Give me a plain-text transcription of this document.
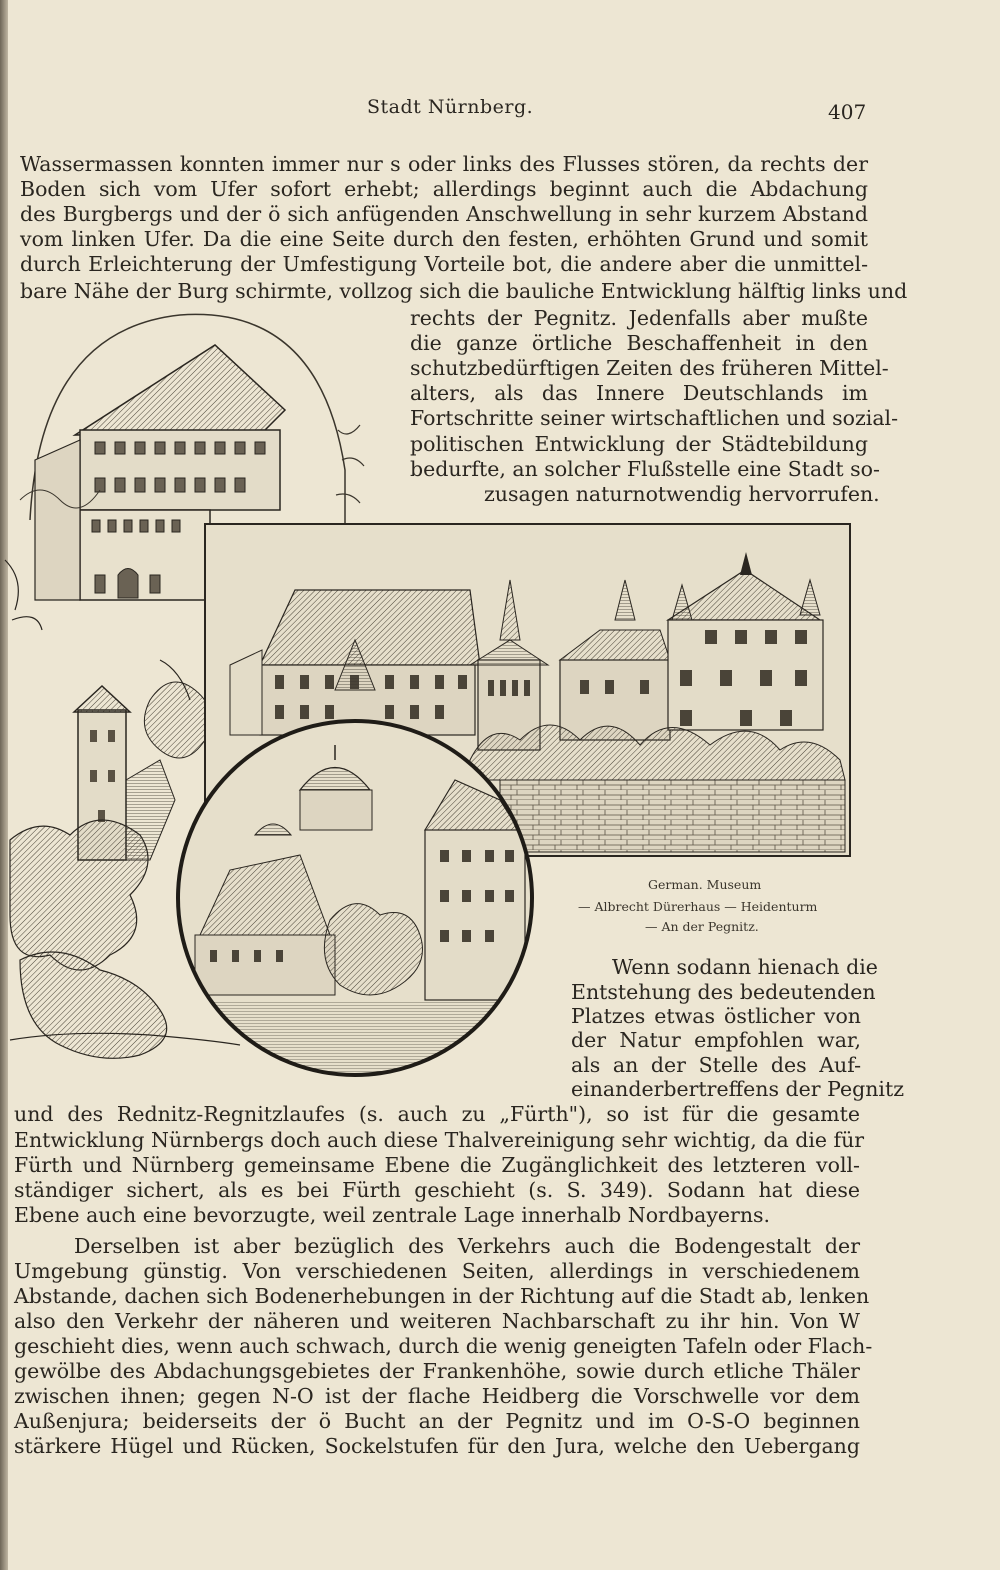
Stadt Nürnberg.	407
Wassermassen konnten immer nur s oder links des Flusses stören, da rechts der
Boden sich vom Ufer sofort erhebt; allerdings beginnt auch die Abdachung
des Burgbergs und der ö sich anfügenden Anschwellung in sehr kurzem Abstand
vom linken Ufer. Da die eine Seite durch den festen, erhöhten Grund und somit
durch Erleichterung der Umfestigung Vorteile bot, die andere aber die unmittel-
bare Nähe der Burg schirmte, vollzog sich die bauliche Entwicklung hälftig links und
rechts der Pegnitz. Jedenfalls aber mußte
die ganze örtliche Beschaffenheit in den
schutzbedürftigen Zeiten des früheren Mittel-
alters, als das Innere Deutschlands im
Fortschritte seiner wirtschaftlichen und sozial-
politischen Entwicklung der Städtebildung
bedurfte, an solcher Flußstelle eine Stadt so-
zusagen naturnotwendig hervorrufen.
German. Museum
— Albrecht Dürerhaus — Heidenturm
— An der Pegnitz.
Wenn sodann hienach die
Entstehung des bedeutenden
Platzes etwas östlicher von
der Natur empfohlen war,
als an der Stelle des Auf-
einanderbertreffens der Pegnitz
und des Rednitz-Regnitzlaufes (s. auch zu „Fürth"), so ist für die gesamte
Entwicklung Nürnbergs doch auch diese Thalvereinigung sehr wichtig, da die für
Fürth und Nürnberg gemeinsame Ebene die Zugänglichkeit des letzteren voll-
ständiger sichert, als es bei Fürth geschieht (s. S. 349). Sodann hat diese
Ebene auch eine bevorzugte, weil zentrale Lage innerhalb Nordbayerns.
Derselben ist aber bezüglich des Verkehrs auch die Bodengestalt der
Umgebung günstig. Von verschiedenen Seiten, allerdings in verschiedenem
Abstande, dachen sich Bodenerhebungen in der Richtung auf die Stadt ab, lenken
also den Verkehr der näheren und weiteren Nachbarschaft zu ihr hin. Von W
geschieht dies, wenn auch schwach, durch die wenig geneigten Tafeln oder Flach-
gewölbe des Abdachungsgebietes der Frankenhöhe, sowie durch etliche Thäler
zwischen ihnen; gegen N-O ist der flache Heidberg die Vorschwelle vor dem
Außenjura; beiderseits der ö Bucht an der Pegnitz und im O-S-O beginnen
stärkere Hügel und Rücken, Sockelstufen für den Jura, welche den Uebergang
